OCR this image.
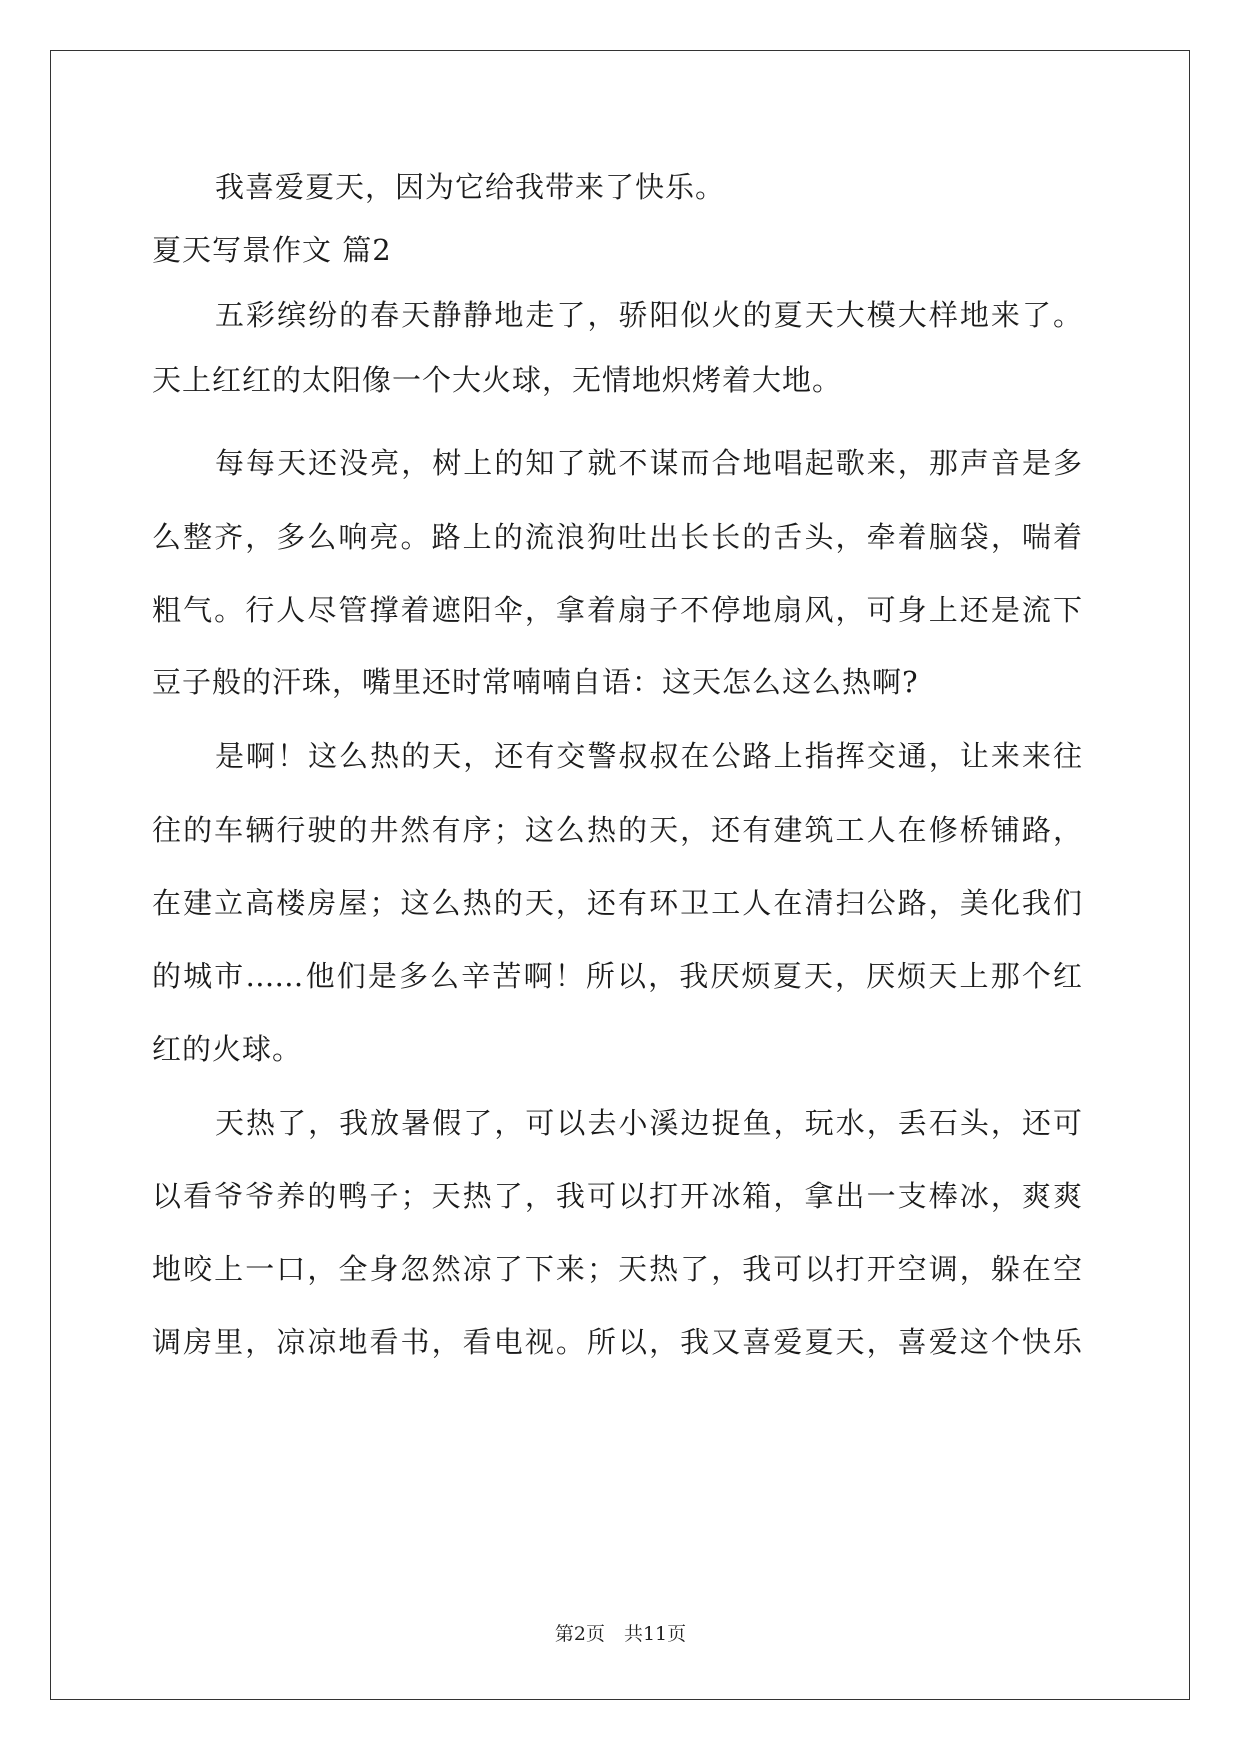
我喜爱夏天，因为它给我带来了快乐。
夏天写景作文 篇2
五彩缤纷的春天静静地走了，骄阳似火的夏天大模大样地来了。
天上红红的太阳像一个大火球，无情地炽烤着大地。
每每天还没亮，树上的知了就不谋而合地唱起歌来，那声音是多
么整齐，多么响亮。路上的流浪狗吐出长长的舌头，牵着脑袋，喘着
粗气。行人尽管撑着遮阳伞，拿着扇子不停地扇风，可身上还是流下
豆子般的汗珠，嘴里还时常喃喃自语：这天怎么这么热啊?
是啊！这么热的天，还有交警叔叔在公路上指挥交通，让来来往
往的车辆行驶的井然有序；这么热的天，还有建筑工人在修桥铺路，
在建立高楼房屋；这么热的天，还有环卫工人在清扫公路，美化我们
的城市……他们是多么辛苦啊！所以，我厌烦夏天，厌烦天上那个红
红的火球。
天热了，我放暑假了，可以去小溪边捉鱼，玩水，丢石头，还可
以看爷爷养的鸭子；天热了，我可以打开冰箱，拿出一支棒冰，爽爽
地咬上一口，全身忽然凉了下来；天热了，我可以打开空调，躲在空
调房里，凉凉地看书，看电视。所以，我又喜爱夏天，喜爱这个快乐
第2页　共11页
